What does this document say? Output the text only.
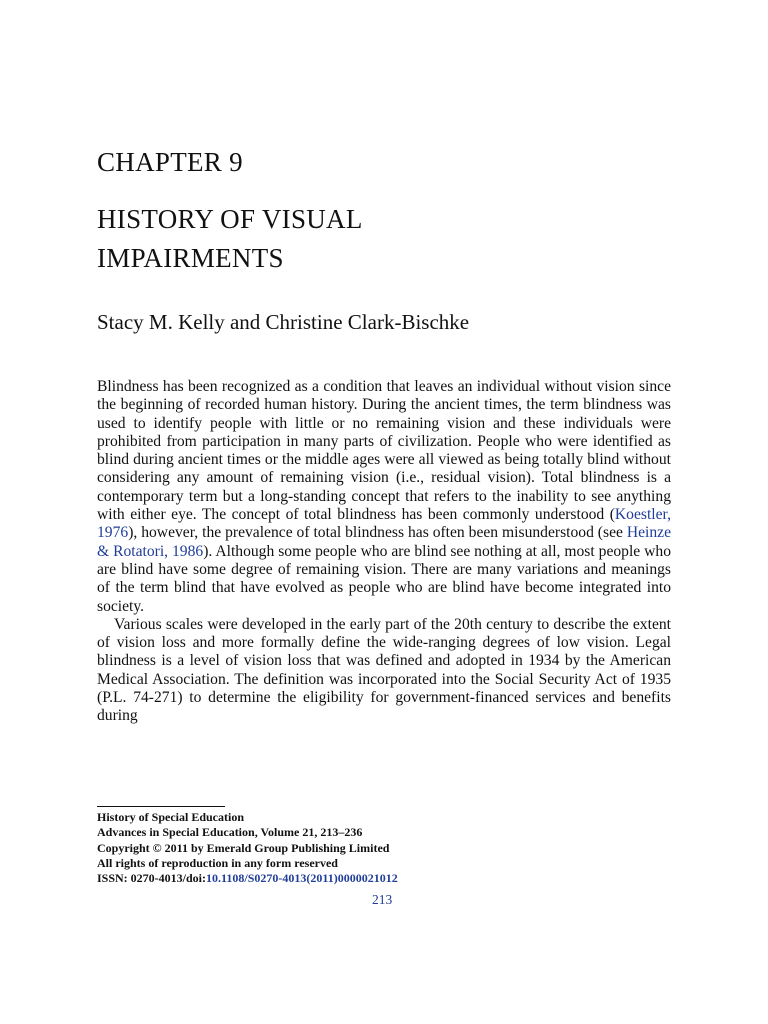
CHAPTER 9
HISTORY OF VISUAL
IMPAIRMENTS
Stacy M. Kelly and Christine Clark-Bischke

Blindness has been recognized as a condition that leaves an individual without vision since the beginning of recorded human history. During the ancient times, the term blindness was used to identify people with little or no remaining vision and these individuals were prohibited from participation in many parts of civilization. People who were identified as blind during ancient times or the middle ages were all viewed as being totally blind without considering any amount of remaining vision (i.e., residual vision). Total blindness is a contemporary term but a long-standing concept that refers to the inability to see anything with either eye. The concept of total blindness has been commonly understood (Koestler, 1976), however, the prevalence of total blindness has often been misunderstood (see Heinze & Rotatori, 1986). Although some people who are blind see nothing at all, most people who are blind have some degree of remaining vision. There are many variations and meanings of the term blind that have evolved as people who are blind have become integrated into society.

Various scales were developed in the early part of the 20th century to describe the extent of vision loss and more formally define the wide-ranging degrees of low vision. Legal blindness is a level of vision loss that was defined and adopted in 1934 by the American Medical Association. The definition was incorporated into the Social Security Act of 1935 (P.L. 74-271) to determine the eligibility for government-financed services and benefits during

History of Special Education
Advances in Special Education, Volume 21, 213–236
Copyright © 2011 by Emerald Group Publishing Limited
All rights of reproduction in any form reserved
ISSN: 0270-4013/doi:10.1108/S0270-4013(2011)0000021012
213
